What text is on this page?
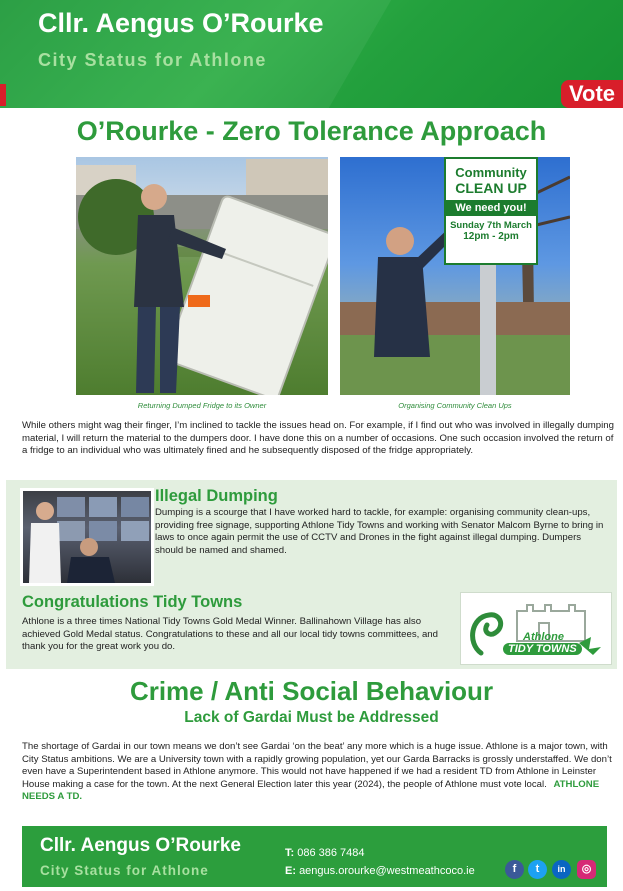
Cllr. Aengus O’Rourke
City Status for Athlone
Vote
O’Rourke - Zero Tolerance Approach
Community
CLEAN UP
We need you!
Sunday 7th March
12pm - 2pm
Returning Dumped Fridge to its Owner	Organising Community Clean Ups
While others might wag their finger, I’m inclined to tackle the issues head on. For example, if I find out who was involved in illegally dumping material, I will return the material to the dumpers door. I have done this on a number of occasions. One such occasion involved the return of a fridge to an individual who was ultimately fined and he subsequently disposed of the fridge appropriately.
Illegal Dumping
Dumping is a scourge that I have worked hard to tackle, for example: organising community clean-ups, providing free signage, supporting Athlone Tidy Towns and working with Senator Malcom Byrne to bring in laws to once again permit the use of CCTV and Drones in the fight against illegal dumping. Dumpers should be named and shamed.
Congratulations Tidy Towns
Athlone is a three times National Tidy Towns Gold Medal Winner. Ballinahown Village has also achieved Gold Medal status. Congratulations to these and all our local tidy towns committees, and thank you for the great work you do.
Athlone
TIDY TOWNS
Crime / Anti Social Behaviour
Lack of Gardai Must be Addressed
The shortage of Gardai in our town means we don’t see Gardai ‘on the beat’ any more which is a huge issue. Athlone is a major town, with City Status ambitions. We are a University town with a rapidly growing population, yet our Garda Barracks is grossly understaffed. We don’t even have a Superintendent based in Athlone anymore. This would not have happened if we had a resident TD from Athlone in Leinster House making a case for the town. At the next General Election later this year (2024), the people of Athlone must vote local. ATHLONE NEEDS A TD.
Cllr. Aengus O’Rourke
City Status for Athlone
T: 086 386 7484
E: aengus.orourke@westmeathcoco.ie	f	t	in	◎
